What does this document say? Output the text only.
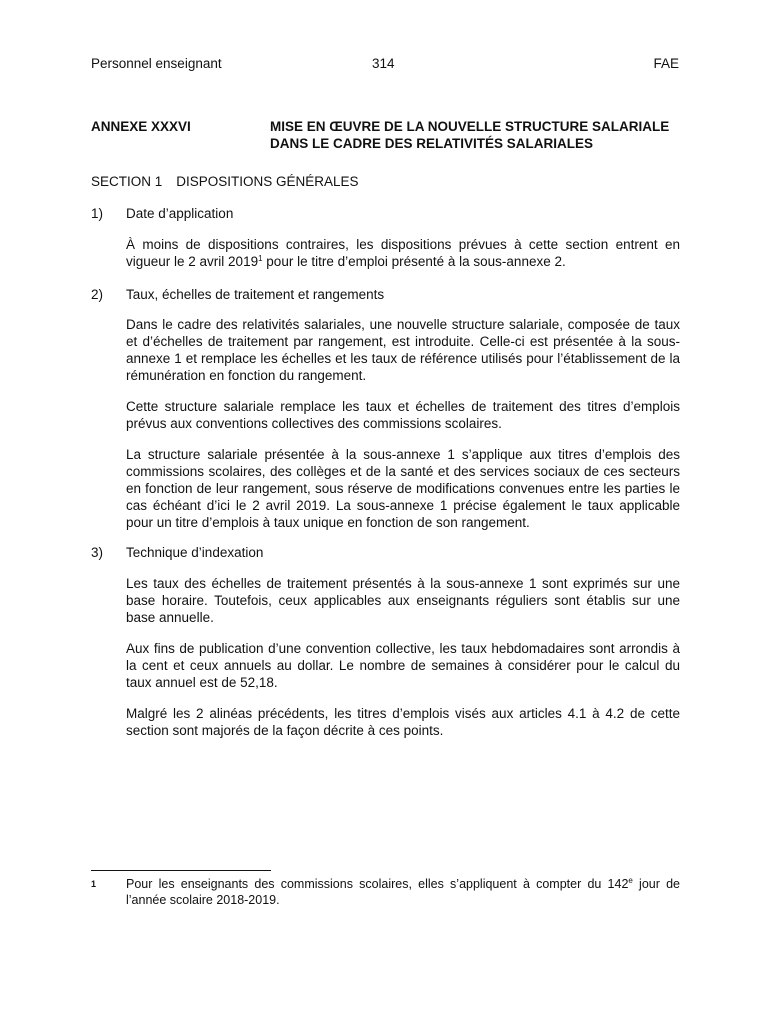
Personnel enseignant	314	FAE
ANNEXE XXXVI	MISE EN ŒUVRE DE LA NOUVELLE STRUCTURE SALARIALE
DANS LE CADRE DES RELATIVITÉS SALARIALES
SECTION 1 DISPOSITIONS GÉNÉRALES
1) Date d’application
À moins de dispositions contraires, les dispositions prévues à cette section entrent en vigueur le 2 avril 2019$^1$ pour le titre d’emploi présenté à la sous-annexe 2.
2) Taux, échelles de traitement et rangements
Dans le cadre des relativités salariales, une nouvelle structure salariale, composée de taux et d’échelles de traitement par rangement, est introduite. Celle-ci est présentée à la sous-annexe 1 et remplace les échelles et les taux de référence utilisés pour l’établissement de la rémunération en fonction du rangement.
Cette structure salariale remplace les taux et échelles de traitement des titres d’emplois prévus aux conventions collectives des commissions scolaires.
La structure salariale présentée à la sous-annexe 1 s’applique aux titres d’emplois des commissions scolaires, des collèges et de la santé et des services sociaux de ces secteurs en fonction de leur rangement, sous réserve de modifications convenues entre les parties le cas échéant d’ici le 2 avril 2019. La sous-annexe 1 précise également le taux applicable pour un titre d’emplois à taux unique en fonction de son rangement.
3) Technique d’indexation
Les taux des échelles de traitement présentés à la sous-annexe 1 sont exprimés sur une base horaire. Toutefois, ceux applicables aux enseignants réguliers sont établis sur une base annuelle.
Aux fins de publication d’une convention collective, les taux hebdomadaires sont arrondis à la cent et ceux annuels au dollar. Le nombre de semaines à considérer pour le calcul du taux annuel est de 52,18.
Malgré les 2 alinéas précédents, les titres d’emplois visés aux articles 4.1 à 4.2 de cette section sont majorés de la façon décrite à ces points.
1 Pour les enseignants des commissions scolaires, elles s’appliquent à compter du 142e jour de l’année scolaire 2018-2019.
